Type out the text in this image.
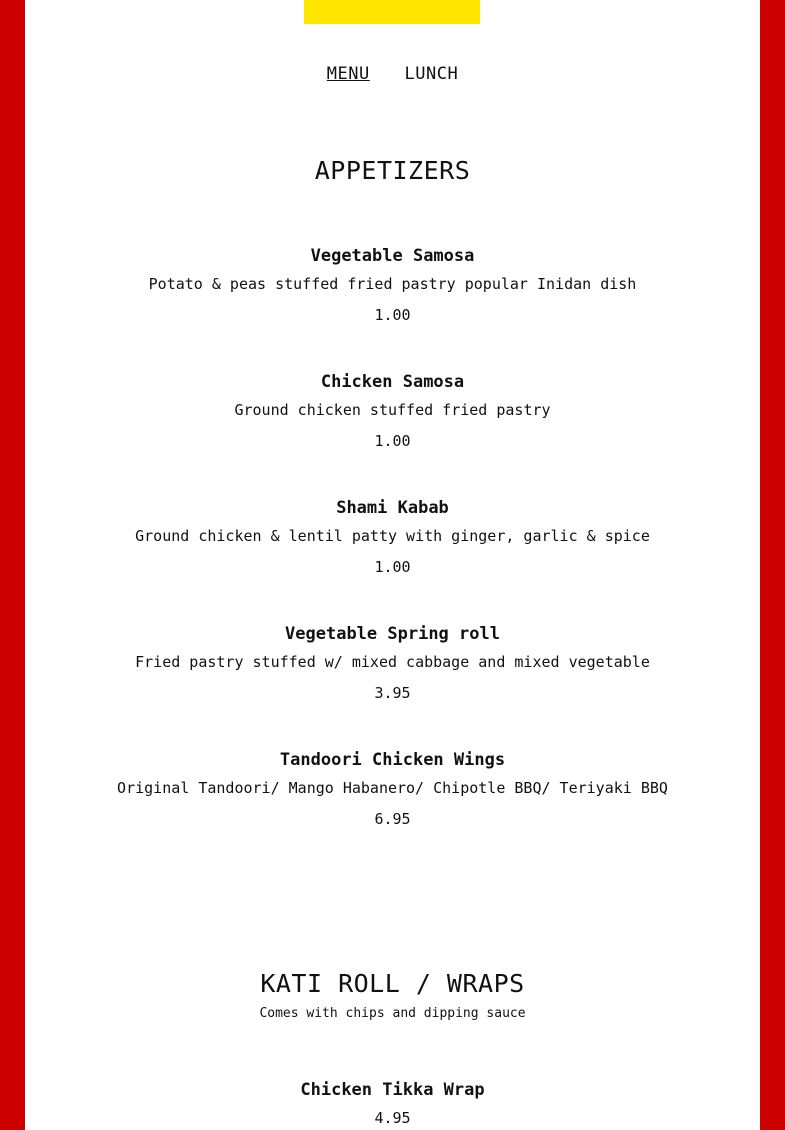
MENU LUNCH
APPETIZERS
Vegetable Samosa
Potato & peas stuffed fried pastry popular Inidan dish
1.00
Chicken Samosa
Ground chicken stuffed fried pastry
1.00
Shami Kabab
Ground chicken & lentil patty with ginger, garlic & spice
1.00
Vegetable Spring roll
Fried pastry stuffed w/ mixed cabbage and mixed vegetable
3.95
Tandoori Chicken Wings
Original Tandoori/ Mango Habanero/ Chipotle BBQ/ Teriyaki BBQ
6.95
KATI ROLL / WRAPS
Comes with chips and dipping sauce
Chicken Tikka Wrap
4.95
